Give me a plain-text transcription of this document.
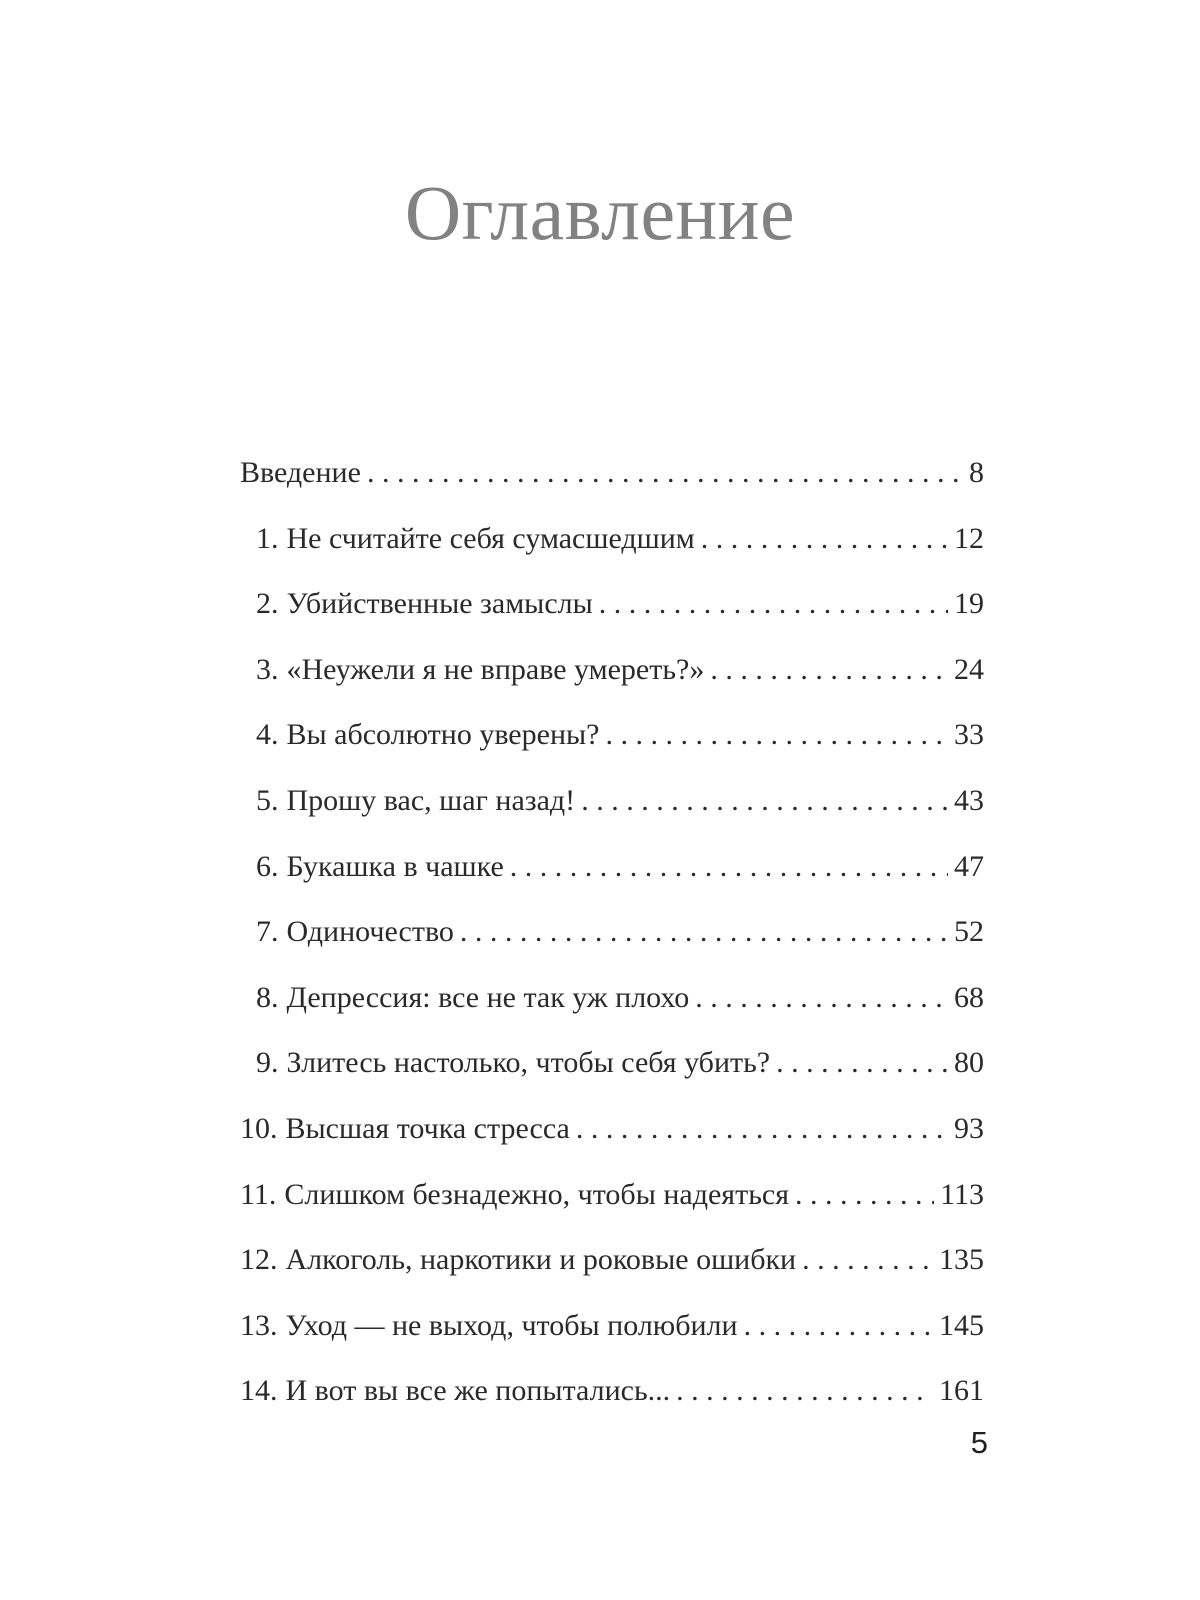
Оглавление
Введение . . .	8
1. Не считайте себя сумасшедшим . . .	12
2. Убийственные замыслы . . .	19
3. «Неужели я не вправе умереть?» . . .	24
4. Вы абсолютно уверены? . . .	33
5. Прошу вас, шаг назад! . . .	43
6. Букашка в чашке . . .	47
7. Одиночество . . .	52
8. Депрессия: все не так уж плохо . . .	68
9. Злитесь настолько, чтобы себя убить? . . .	80
10. Высшая точка стресса . . .	93
11. Слишком безнадежно, чтобы надеяться . . .	113
12. Алкоголь, наркотики и роковые ошибки . . .	135
13. Уход — не выход, чтобы полюбили . . .	145
14. И вот вы все же попытались... . . .	161

5
